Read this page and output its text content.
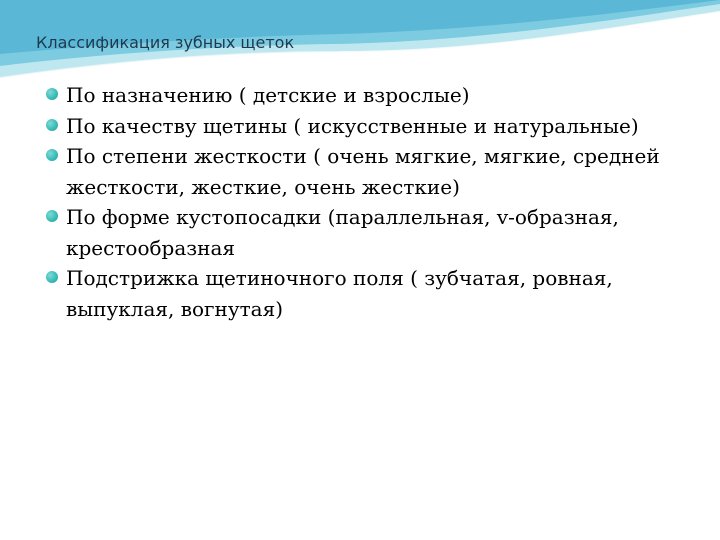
Классификация зубных щеток
По назначению ( детские и взрослые)
По качеству щетины ( искусственные и натуральные)
По степени жесткости ( очень мягкие, мягкие, средней жесткости, жесткие, очень жесткие)
По форме кустопосадки (параллельная, v-образная, крестообразная
Подстрижка щетиночного поля ( зубчатая, ровная, выпуклая, вогнутая)
